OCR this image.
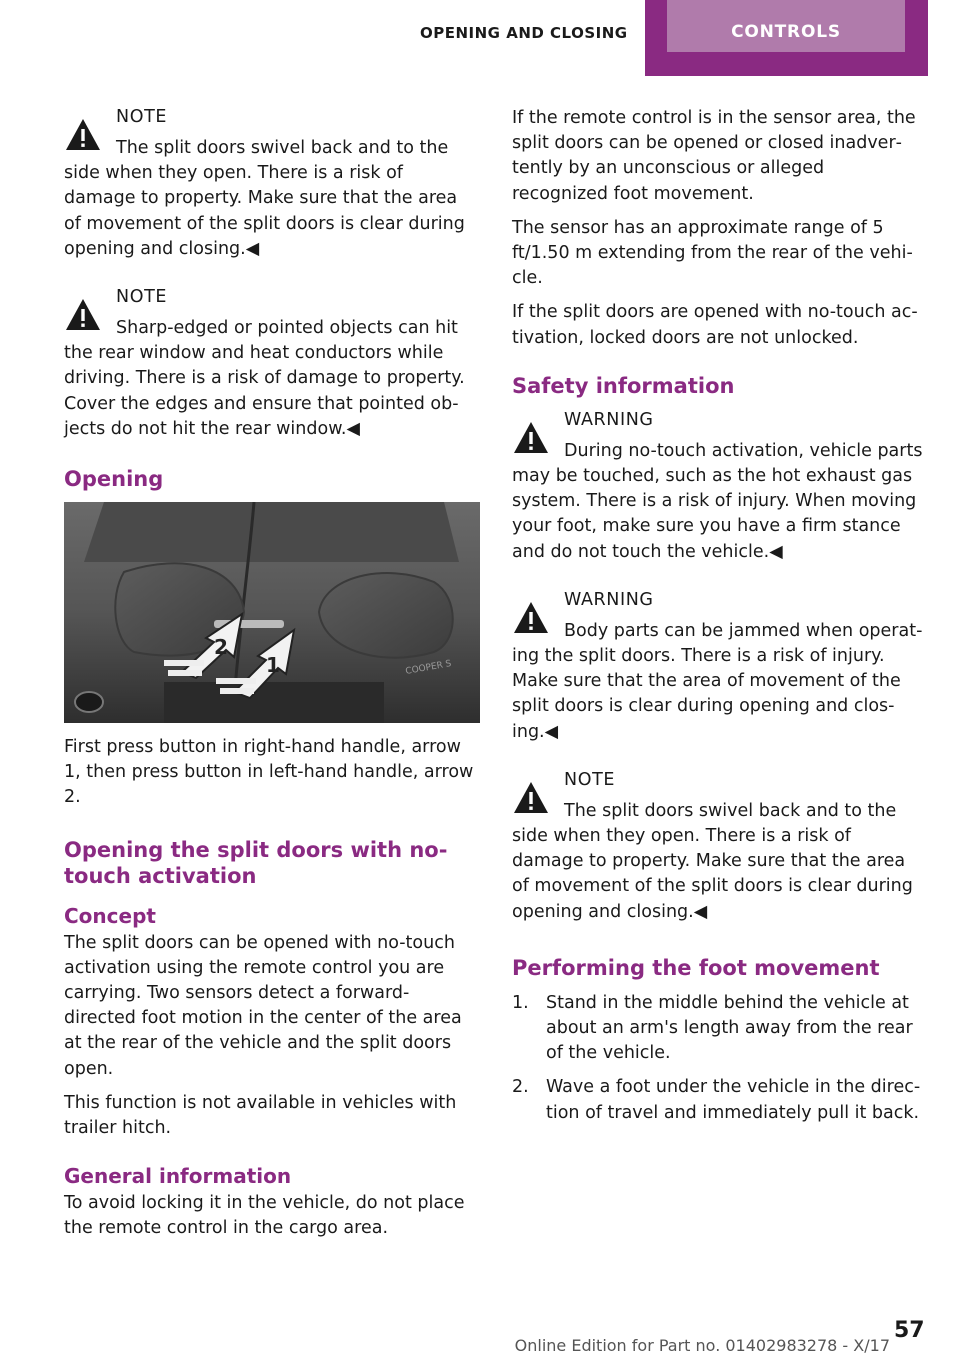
OPENING AND CLOSING	CONTROLS
NOTE
The split doors swivel back and to the side when they open. There is a risk of damage to property. Make sure that the area of movement of the split doors is clear during opening and closing.◀
NOTE
Sharp-edged or pointed objects can hit the rear window and heat conductors while driving. There is a risk of damage to property. Cover the edges and ensure that pointed objects do not hit the rear window.◀
Opening
2
1	COOPER S

First press button in right-hand handle, arrow 1, then press button in left-hand handle, arrow 2.

Opening the split doors with no-touch activation
Concept

The split doors can be opened with no-touch activation using the remote control you are carrying. Two sensors detect a forward-directed foot motion in the center of the area at the rear of the vehicle and the split doors open.

This function is not available in vehicles with trailer hitch.

General information

To avoid locking it in the vehicle, do not place the remote control in the cargo area.

If the remote control is in the sensor area, the split doors can be opened or closed inadvertently by an unconscious or alleged recognized foot movement.

The sensor has an approximate range of 5 ft/1.50 m extending from the rear of the vehicle.

If the split doors are opened with no-touch activation, locked doors are not unlocked.

Safety information
WARNING
During no-touch activation, vehicle parts may be touched, such as the hot exhaust gas system. There is a risk of injury. When moving your foot, make sure you have a firm stance and do not touch the vehicle.◀
WARNING
Body parts can be jammed when operating the split doors. There is a risk of injury. Make sure that the area of movement of the split doors is clear during opening and closing.◀
NOTE
The split doors swivel back and to the side when they open. There is a risk of damage to property. Make sure that the area of movement of the split doors is clear during opening and closing.◀
Performing the foot movement
1. Stand in the middle behind the vehicle at about an arm's length away from the rear of the vehicle.
2. Wave a foot under the vehicle in the direction of travel and immediately pull it back.
57
Online Edition for Part no. 01402983278 - X/17
